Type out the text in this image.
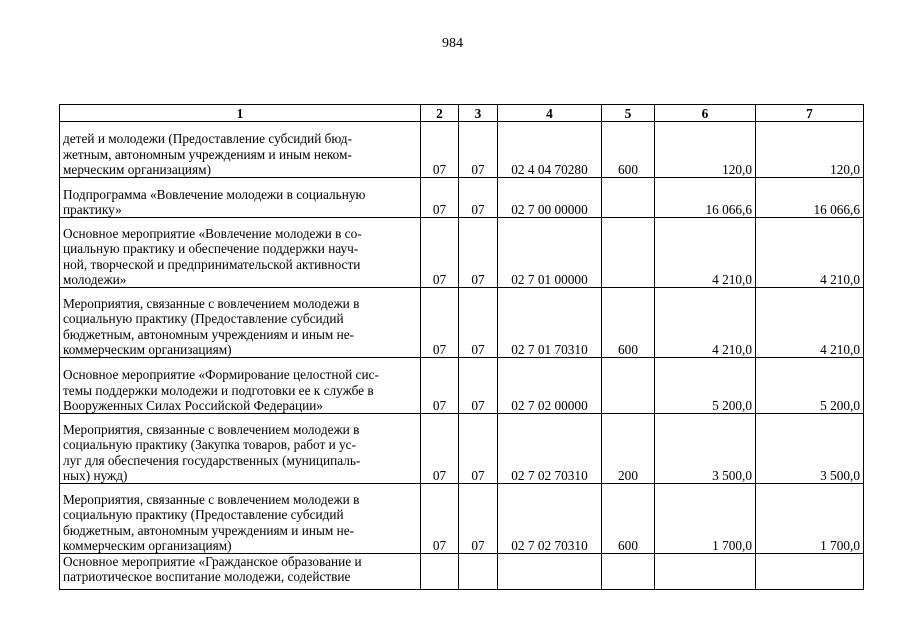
984
1	2	3	4	5	6	7
детей и молодежи (Предоставление субсидий бюд-
жетным, автономным учреждениям и иным неком-
мерческим организациям)	07	07	02 4 04 70280	600	120,0	120,0
Подпрограмма «Вовлечение молодежи в социальную
практику»	07	07	02 7 00 00000		16 066,6	16 066,6
Основное мероприятие «Вовлечение молодежи в со-
циальную практику и обеспечение поддержки науч-
ной, творческой и предпринимательской активности
молодежи»	07	07	02 7 01 00000		4 210,0	4 210,0
Мероприятия, связанные с вовлечением молодежи в
социальную практику (Предоставление субсидий
бюджетным, автономным учреждениям и иным не-
коммерческим организациям)	07	07	02 7 01 70310	600	4 210,0	4 210,0
Основное мероприятие «Формирование целостной сис-
темы поддержки молодежи и подготовки ее к службе в
Вооруженных Силах Российской Федерации»	07	07	02 7 02 00000		5 200,0	5 200,0
Мероприятия, связанные с вовлечением молодежи в
социальную практику (Закупка товаров, работ и ус-
луг для обеспечения государственных (муниципаль-
ных) нужд)	07	07	02 7 02 70310	200	3 500,0	3 500,0
Мероприятия, связанные с вовлечением молодежи в
социальную практику (Предоставление субсидий
бюджетным, автономным учреждениям и иным не-
коммерческим организациям)	07	07	02 7 02 70310	600	1 700,0	1 700,0
Основное мероприятие «Гражданское образование и
патриотическое воспитание молодежи, содействие						
